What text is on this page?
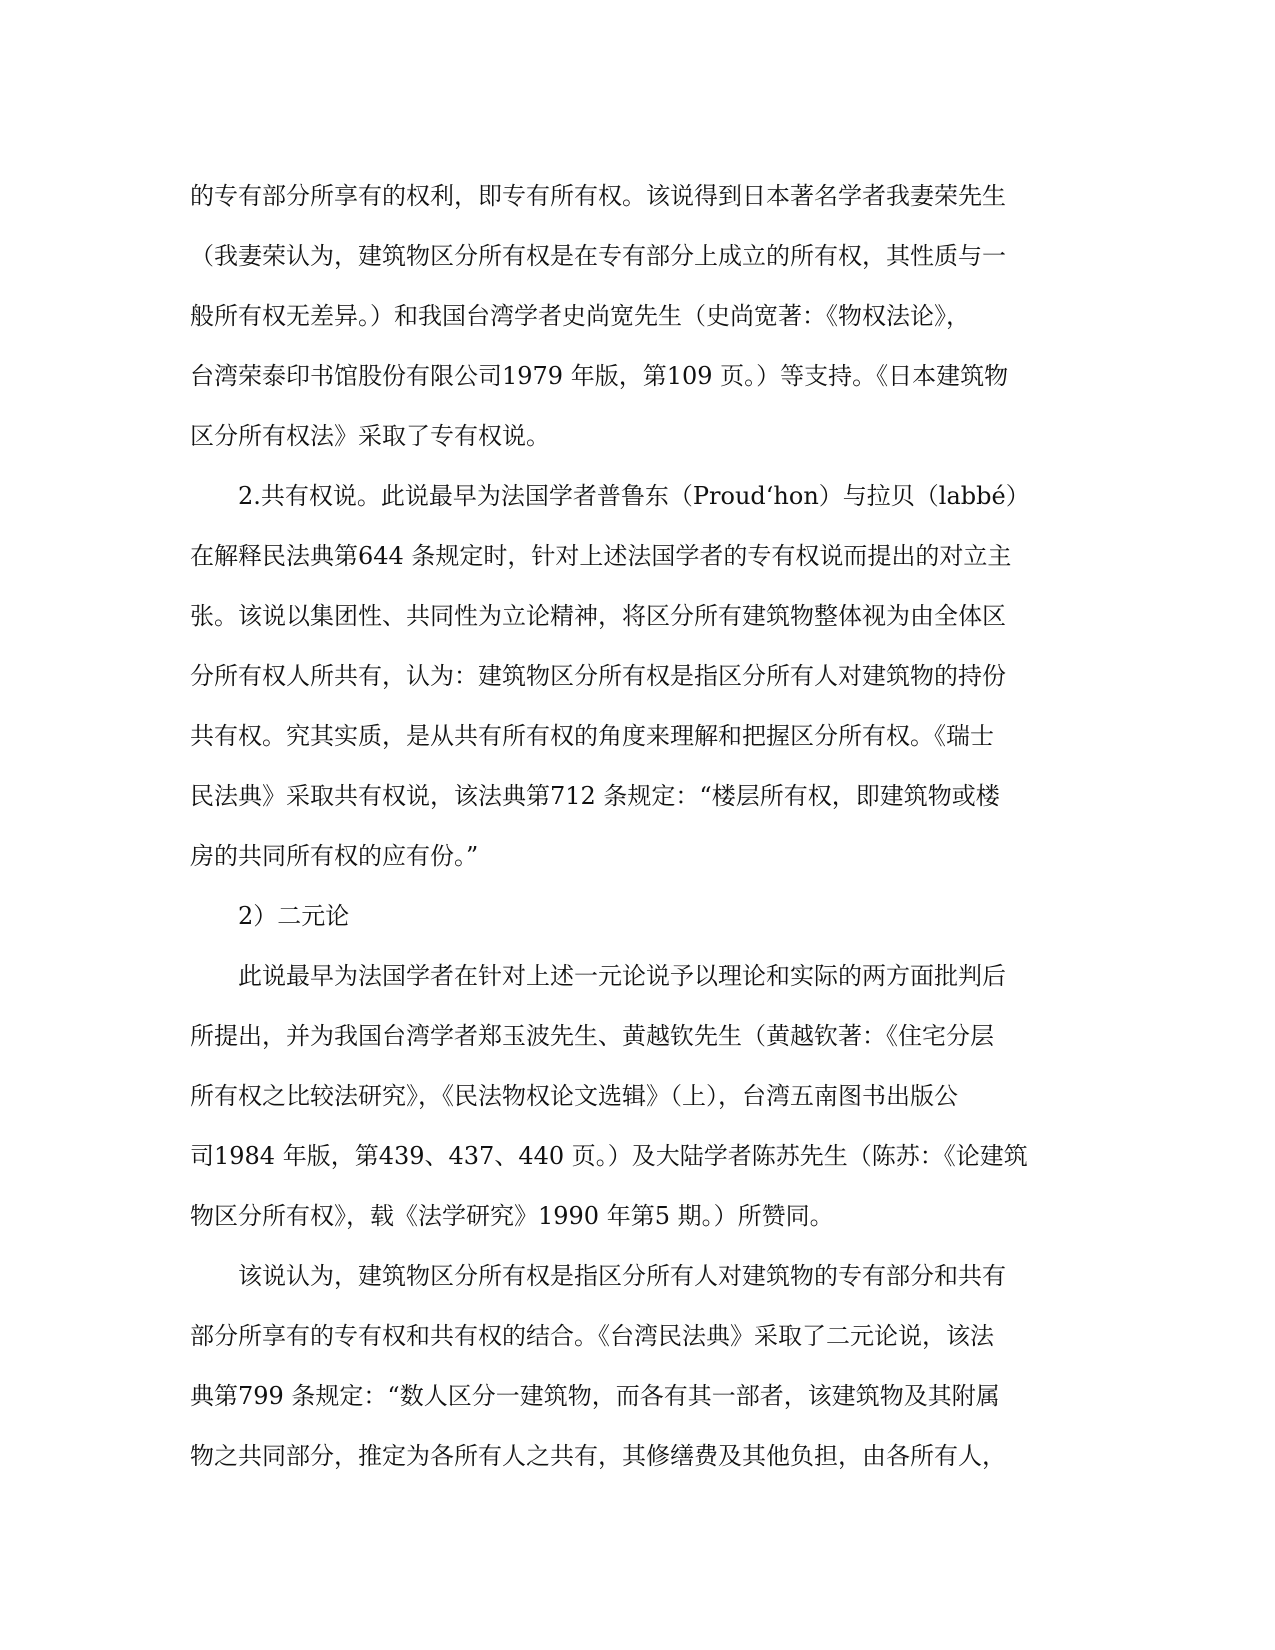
的专有部分所享有的权利，即专有所有权。该说得到日本著名学者我妻荣先生
（我妻荣认为，建筑物区分所有权是在专有部分上成立的所有权，其性质与一
般所有权无差异。）和我国台湾学者史尚宽先生（史尚宽著：《物权法论》，
台湾荣泰印书馆股份有限公司1979 年版，第109 页。）等支持。《日本建筑物
区分所有权法》采取了专有权说。
2.共有权说。此说最早为法国学者普鲁东（Proud‘hon）与拉贝（labbé）
在解释民法典第644 条规定时，针对上述法国学者的专有权说而提出的对立主
张。该说以集团性、共同性为立论精神，将区分所有建筑物整体视为由全体区
分所有权人所共有，认为：建筑物区分所有权是指区分所有人对建筑物的持份
共有权。究其实质，是从共有所有权的角度来理解和把握区分所有权。《瑞士
民法典》采取共有权说，该法典第712 条规定：“楼层所有权，即建筑物或楼
房的共同所有权的应有份。”
2）二元论
此说最早为法国学者在针对上述一元论说予以理论和实际的两方面批判后
所提出，并为我国台湾学者郑玉波先生、黄越钦先生（黄越钦著：《住宅分层
所有权之比较法研究》，《民法物权论文选辑》（上），台湾五南图书出版公
司1984 年版，第439、437、440 页。）及大陆学者陈苏先生（陈苏：《论建筑
物区分所有权》，载《法学研究》1990 年第5 期。）所赞同。
该说认为，建筑物区分所有权是指区分所有人对建筑物的专有部分和共有
部分所享有的专有权和共有权的结合。《台湾民法典》采取了二元论说，该法
典第799 条规定：“数人区分一建筑物，而各有其一部者，该建筑物及其附属
物之共同部分，推定为各所有人之共有，其修缮费及其他负担，由各所有人，
